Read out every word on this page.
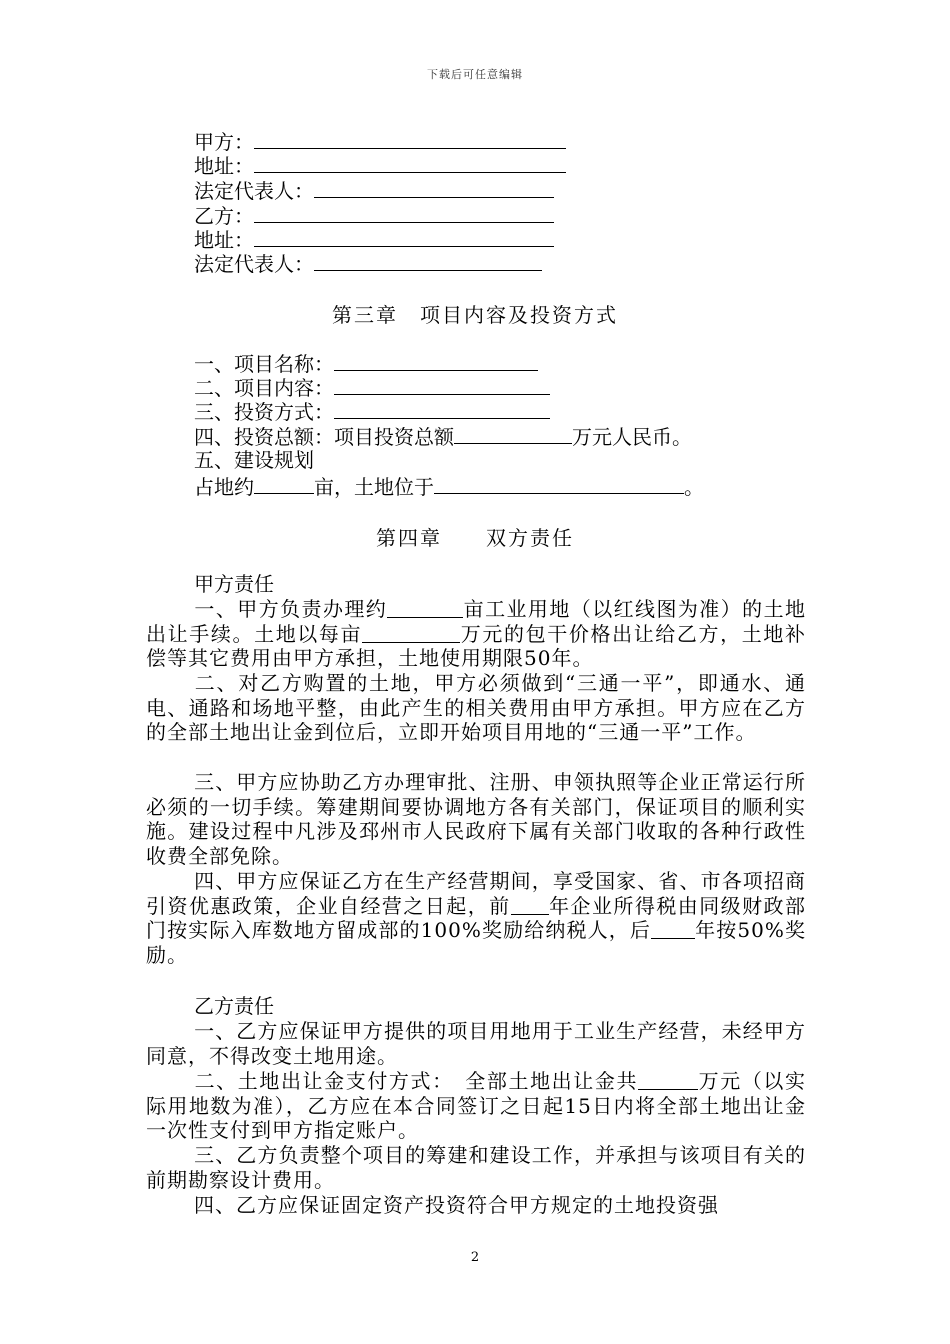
下载后可任意编辑
甲方：
地址：
法定代表人：
乙方：
地址：
法定代表人：
第三章　项目内容及投资方式
一、项目名称：
二、项目内容：
三、投资方式：
四、投资总额：项目投资总额	万元人民币。
五、建设规划
占地约	亩，土地位于	。
第四章　　双方责任
甲方责任
一、甲方负责办理约	亩工业用地（以红线图为准）的土地出让手续。土地以每亩	万元的包干价格出让给乙方，土地补偿等其它费用由甲方承担，土地使用期限50年。
二、对乙方购置的土地，甲方必须做到“三通一平”，即通水、通电、通路和场地平整，由此产生的相关费用由甲方承担。甲方应在乙方的全部土地出让金到位后，立即开始项目用地的“三通一平”工作。
三、甲方应协助乙方办理审批、注册、申领执照等企业正常运行所必须的一切手续。筹建期间要协调地方各有关部门，保证项目的顺利实施。建设过程中凡涉及邳州市人民政府下属有关部门收取的各种行政性收费全部免除。
四、甲方应保证乙方在生产经营期间，享受国家、省、市各项招商引资优惠政策，企业自经营之日起，前 年企业所得税由同级财政部门按实际入库数地方留成部的100%奖励给纳税人，后 年按50%奖励。
乙方责任
一、乙方应保证甲方提供的项目用地用于工业生产经营，未经甲方同意，不得改变土地用途。
二、土地出让金支付方式：　全部土地出让金共	万元（以实际用地数为准），乙方应在本合同签订之日起15日内将全部土地出让金一次性支付到甲方指定账户。
三、乙方负责整个项目的筹建和建设工作，并承担与该项目有关的前期勘察设计费用。
四、乙方应保证固定资产投资符合甲方规定的土地投资强
2
